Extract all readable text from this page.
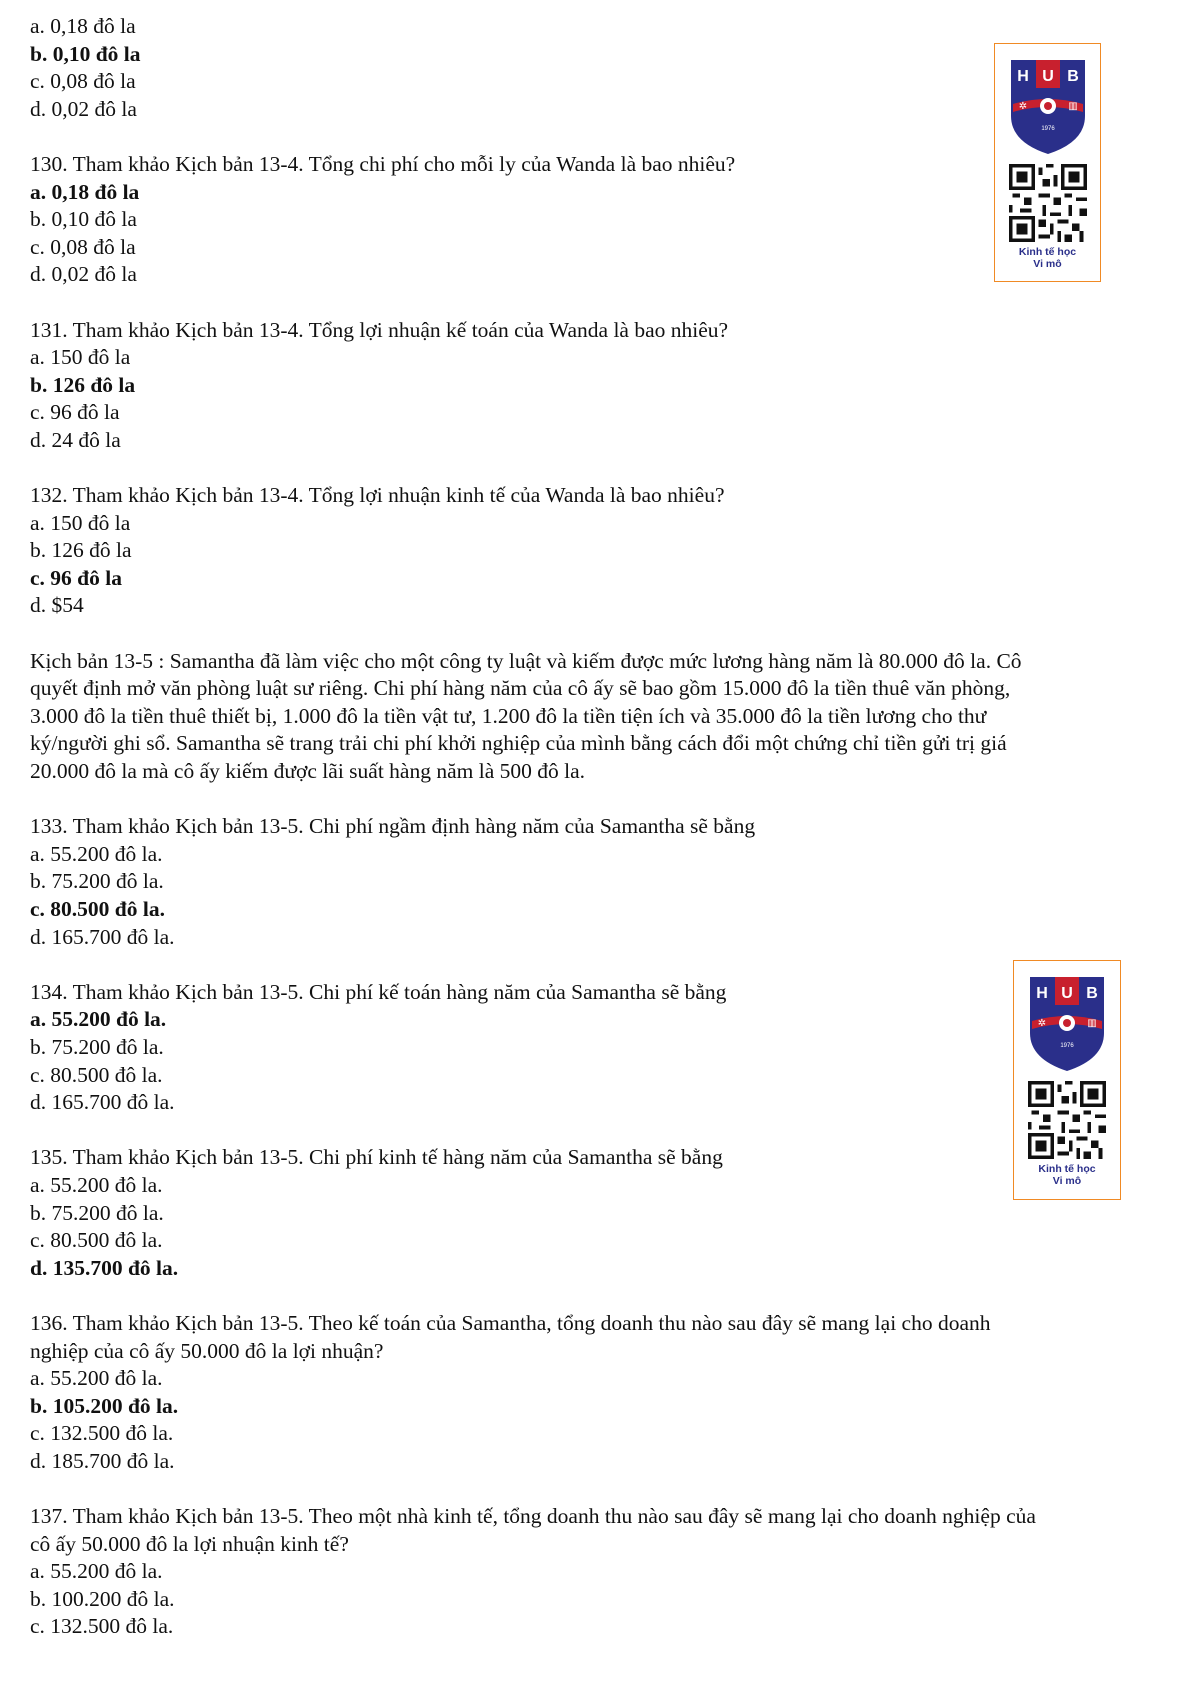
a. 0,18 đô la
b. 0,10 đô la
c. 0,08 đô la
d. 0,02 đô la
130. Tham khảo Kịch bản 13-4. Tổng chi phí cho mỗi ly của Wanda là bao nhiêu?
a. 0,18 đô la
b. 0,10 đô la
c. 0,08 đô la
d. 0,02 đô la
131. Tham khảo Kịch bản 13-4. Tổng lợi nhuận kế toán của Wanda là bao nhiêu?
a. 150 đô la
b. 126 đô la
c. 96 đô la
d. 24 đô la
132. Tham khảo Kịch bản 13-4. Tổng lợi nhuận kinh tế của Wanda là bao nhiêu?
a. 150 đô la
b. 126 đô la
c. 96 đô la
d. $54
Kịch bản 13-5 : Samantha đã làm việc cho một công ty luật và kiếm được mức lương hàng năm là 80.000 đô la. Cô
quyết định mở văn phòng luật sư riêng. Chi phí hàng năm của cô ấy sẽ bao gồm 15.000 đô la tiền thuê văn phòng,
3.000 đô la tiền thuê thiết bị, 1.000 đô la tiền vật tư, 1.200 đô la tiền tiện ích và 35.000 đô la tiền lương cho thư
ký/người ghi sổ. Samantha sẽ trang trải chi phí khởi nghiệp của mình bằng cách đổi một chứng chỉ tiền gửi trị giá
20.000 đô la mà cô ấy kiếm được lãi suất hàng năm là 500 đô la.
133. Tham khảo Kịch bản 13-5. Chi phí ngầm định hàng năm của Samantha sẽ bằng
a. 55.200 đô la.
b. 75.200 đô la.
c. 80.500 đô la.
d. 165.700 đô la.
134. Tham khảo Kịch bản 13-5. Chi phí kế toán hàng năm của Samantha sẽ bằng
a. 55.200 đô la.
b. 75.200 đô la.
c. 80.500 đô la.
d. 165.700 đô la.
135. Tham khảo Kịch bản 13-5. Chi phí kinh tế hàng năm của Samantha sẽ bằng
a. 55.200 đô la.
b. 75.200 đô la.
c. 80.500 đô la.
d. 135.700 đô la.
136. Tham khảo Kịch bản 13-5. Theo kế toán của Samantha, tổng doanh thu nào sau đây sẽ mang lại cho doanh
nghiệp của cô ấy 50.000 đô la lợi nhuận?
a. 55.200 đô la.
b. 105.200 đô la.
c. 132.500 đô la.
d. 185.700 đô la.
137. Tham khảo Kịch bản 13-5. Theo một nhà kinh tế, tổng doanh thu nào sau đây sẽ mang lại cho doanh nghiệp của
cô ấy 50.000 đô la lợi nhuận kinh tế?
a. 55.200 đô la.
b. 100.200 đô la.
c. 132.500 đô la.
H U B
✲	▥
1976
Kinh tế học
Vi mô
H U B
✲	▥
1976
Kinh tế học
Vi mô
